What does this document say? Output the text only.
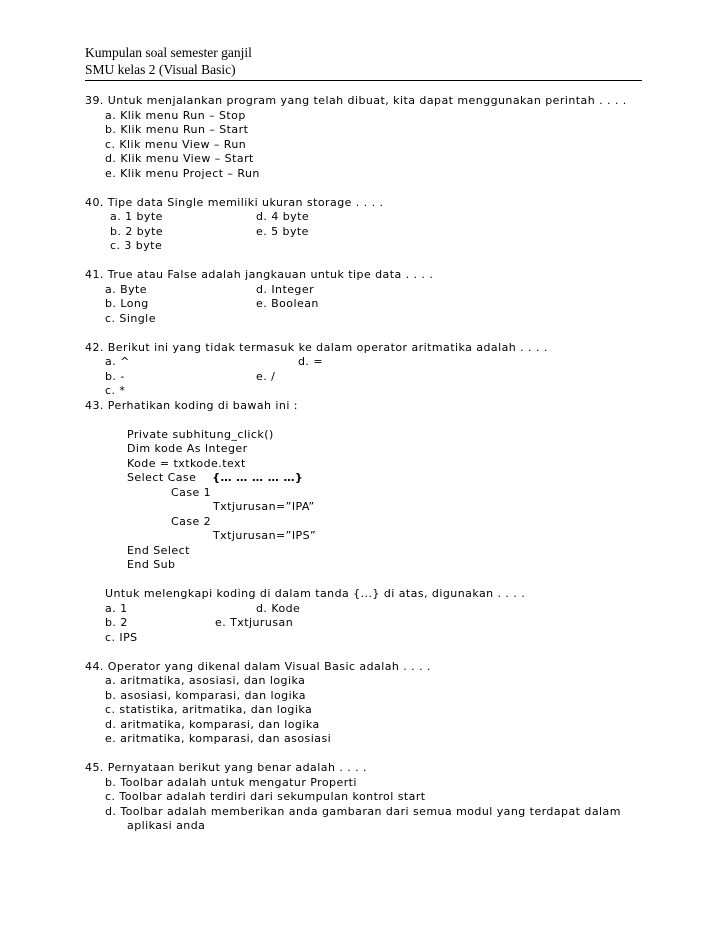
Kumpulan soal semester ganjil
SMU kelas 2 (Visual Basic)
39. Untuk menjalankan program yang telah dibuat, kita dapat menggunakan perintah . . . .
a. Klik menu Run – Stop
b. Klik menu Run – Start
c. Klik menu View – Run
d. Klik menu View – Start
e. Klik menu Project – Run
40. Tipe data Single memiliki ukuran storage . . . .
a. 1 byte	d. 4 byte
b. 2 byte	e. 5 byte
c. 3 byte
41. True atau False adalah jangkauan untuk tipe data . . . .
a. Byte	d. Integer
b. Long	e. Boolean
c. Single
42. Berikut ini yang tidak termasuk ke dalam operator aritmatika adalah . . . .
a. ^	d. =
b. -	e. /
c. *
43. Perhatikan koding di bawah ini :
Private subhitung_click()
Dim kode As Integer
Kode = txtkode.text
Select Case {… … … … …}
Case 1
Txtjurusan=”IPA”
Case 2
Txtjurusan=”IPS”
End Select
End Sub
Untuk melengkapi koding di dalam tanda {...} di atas, digunakan . . . .
a. 1	d. Kode
b. 2	e. Txtjurusan
c. IPS
44. Operator yang dikenal dalam Visual Basic adalah . . . .
a. aritmatika, asosiasi, dan logika
b. asosiasi, komparasi, dan logika
c. statistika, aritmatika, dan logika
d. aritmatika, komparasi, dan logika
e. aritmatika, komparasi, dan asosiasi
45. Pernyataan berikut yang benar adalah . . . .
b. Toolbar adalah untuk mengatur Properti
c. Toolbar adalah terdiri dari sekumpulan kontrol start
d. Toolbar adalah memberikan anda gambaran dari semua modul yang terdapat dalam
aplikasi anda
